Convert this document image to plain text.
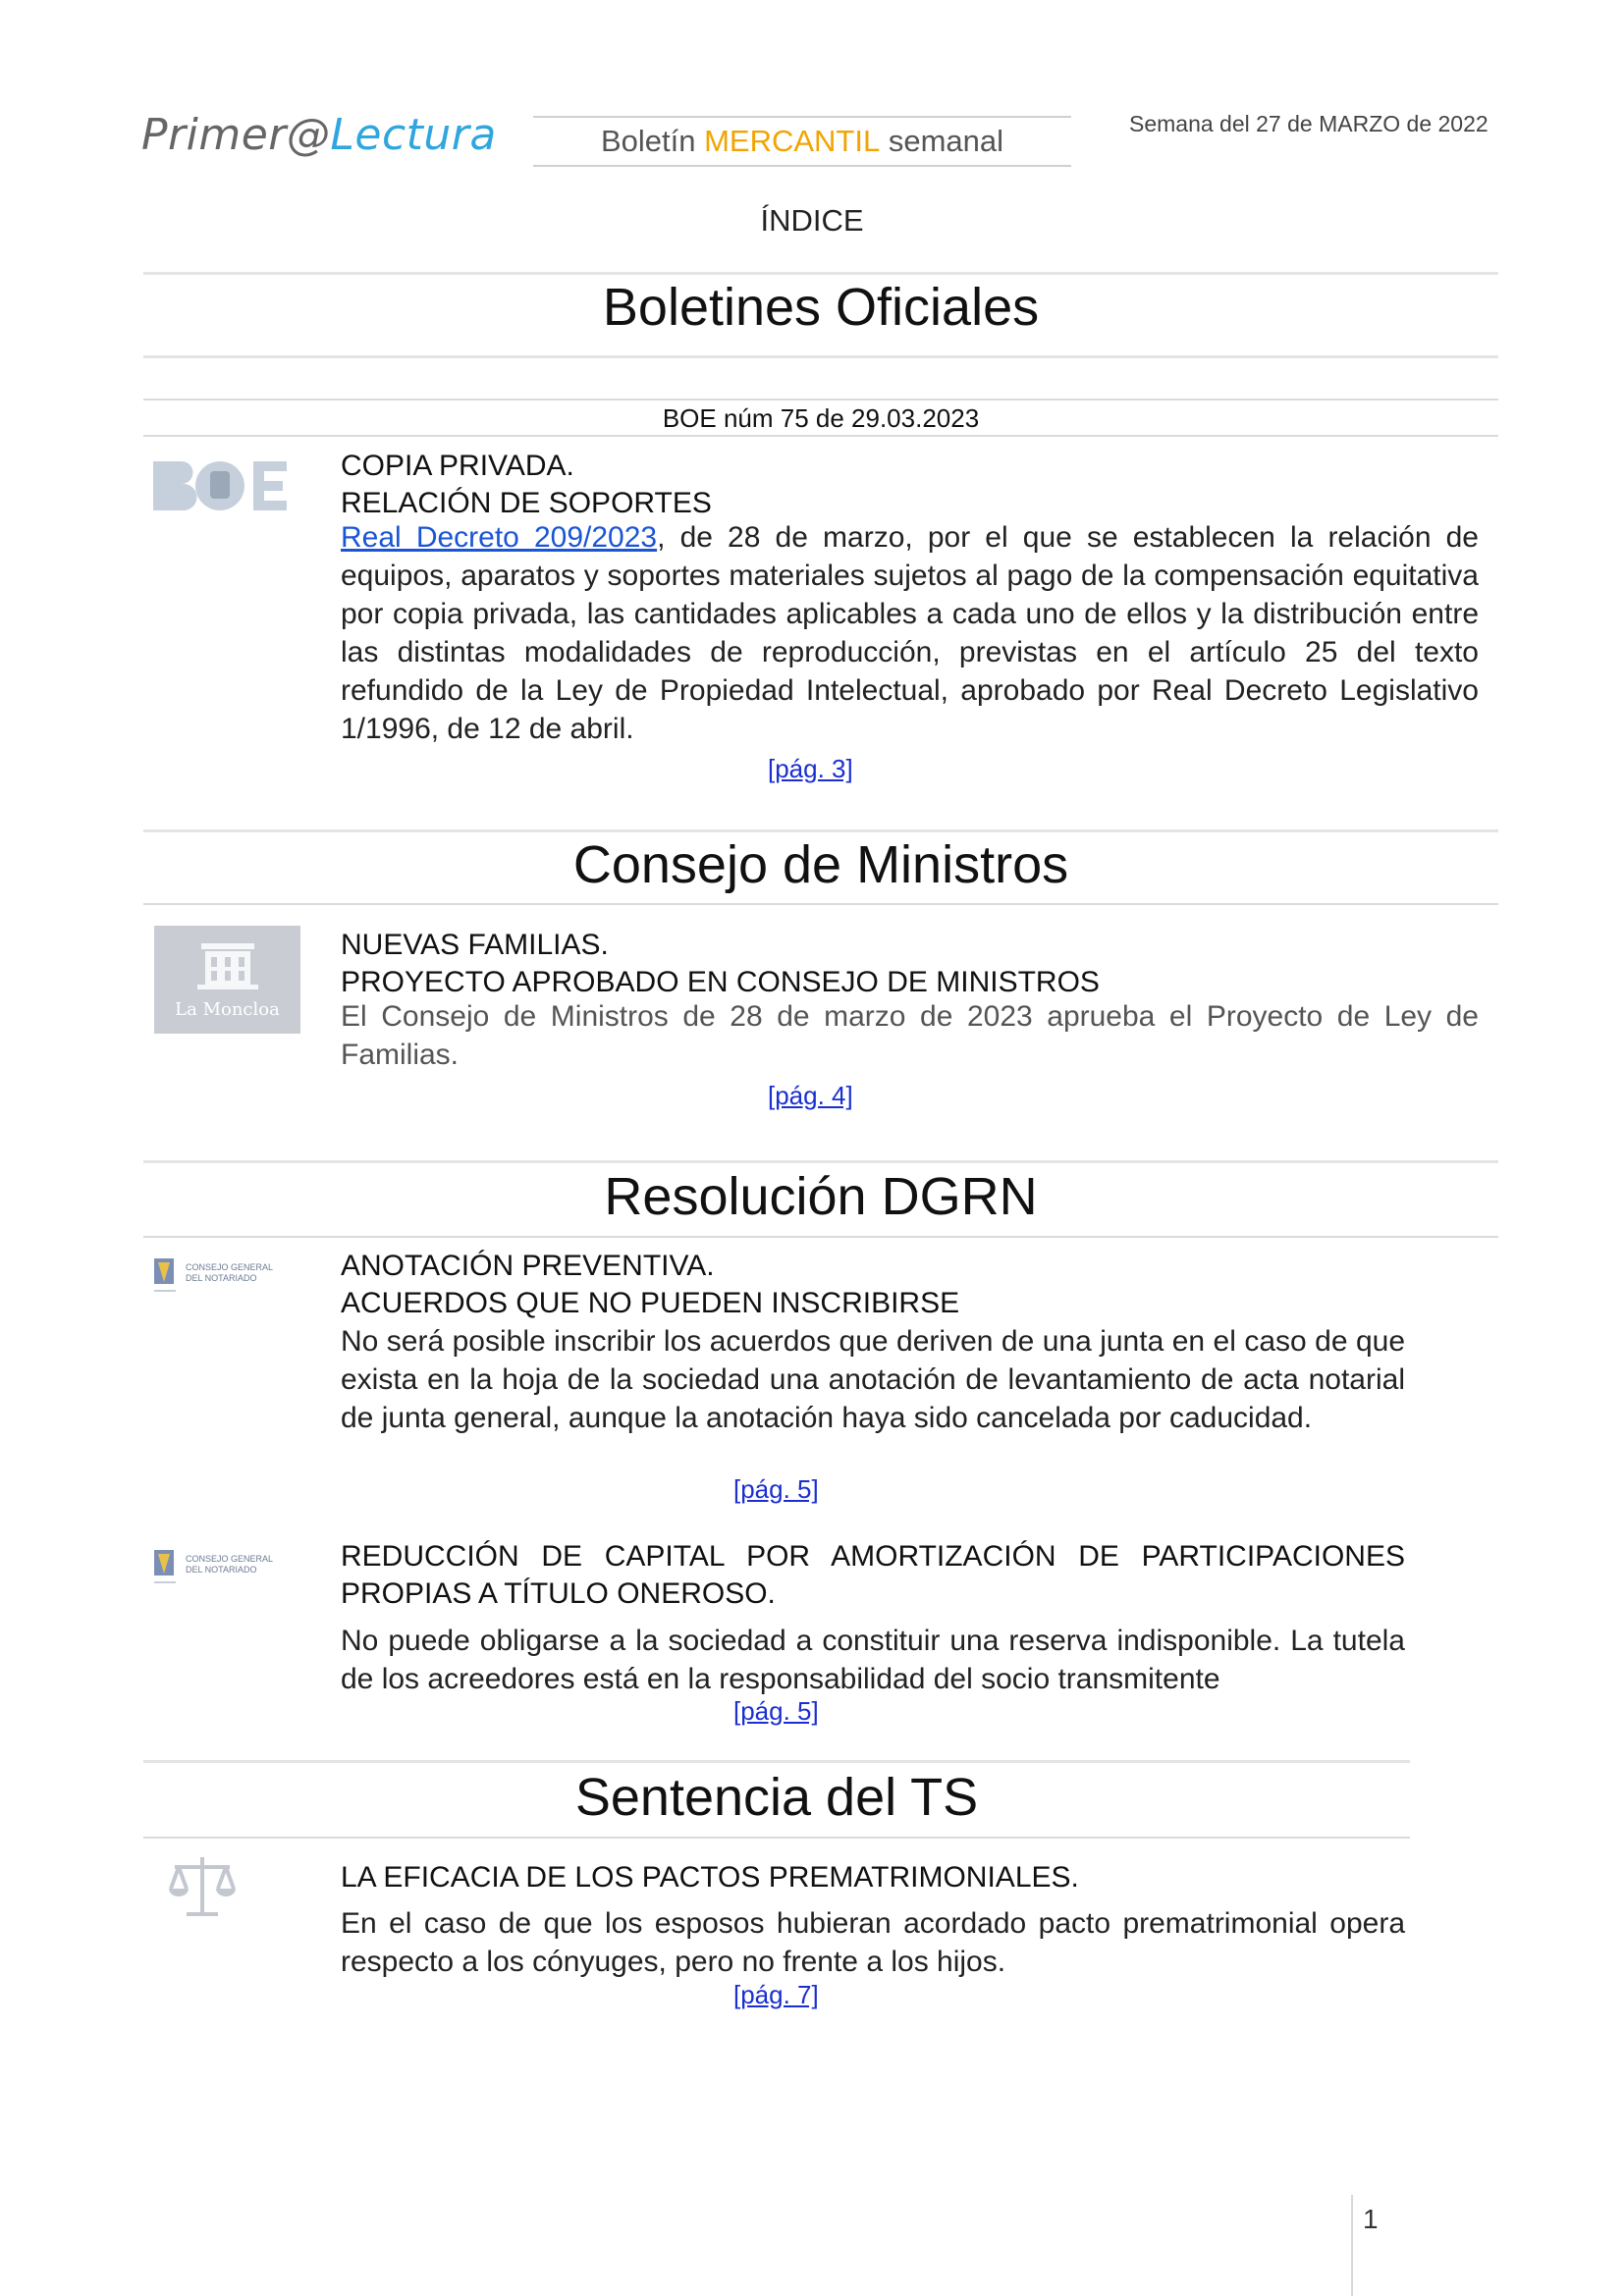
Primer@Lectura	Boletín MERCANTIL semanal	Semana del 27 de MARZO de 2022
ÍNDICE
Boletines Oficiales
BOE núm 75 de 29.03.2023
COPIA PRIVADA.
RELACIÓN DE SOPORTES
Real Decreto 209/2023, de 28 de marzo, por el que se establecen la relación de equipos, aparatos y soportes materiales sujetos al pago de la compensación equitativa por copia privada, las cantidades aplicables a cada uno de ellos y la distribución entre las distintas modalidades de reproducción, previstas en el artículo 25 del texto refundido de la Ley de Propiedad Intelectual, aprobado por Real Decreto Legislativo 1/1996, de 12 de abril.
[pág. 3]
Consejo de Ministros
La Moncloa
NUEVAS FAMILIAS.
PROYECTO APROBADO EN CONSEJO DE MINISTROS
El Consejo de Ministros de 28 de marzo de 2023 aprueba el Proyecto de Ley de Familias.
[pág. 4]
Resolución DGRN
CONSEJO GENERAL
DEL NOTARIADO	ANOTACIÓN PREVENTIVA.
ACUERDOS QUE NO PUEDEN INSCRIBIRSE
No será posible inscribir los acuerdos que deriven de una junta en el caso de que exista en la hoja de la sociedad una anotación de levantamiento de acta notarial de junta general, aunque la anotación haya sido cancelada por caducidad.
[pág. 5]
CONSEJO GENERAL
DEL NOTARIADO	REDUCCIÓN DE CAPITAL POR AMORTIZACIÓN DE PARTICIPACIONES PROPIAS A TÍTULO ONEROSO.
No puede obligarse a la sociedad a constituir una reserva indisponible. La tutela de los acreedores está en la responsabilidad del socio transmitente
[pág. 5]
Sentencia del TS
LA EFICACIA DE LOS PACTOS PREMATRIMONIALES.
En el caso de que los esposos hubieran acordado pacto prematrimonial opera respecto a los cónyuges, pero no frente a los hijos.
[pág. 7]
1
